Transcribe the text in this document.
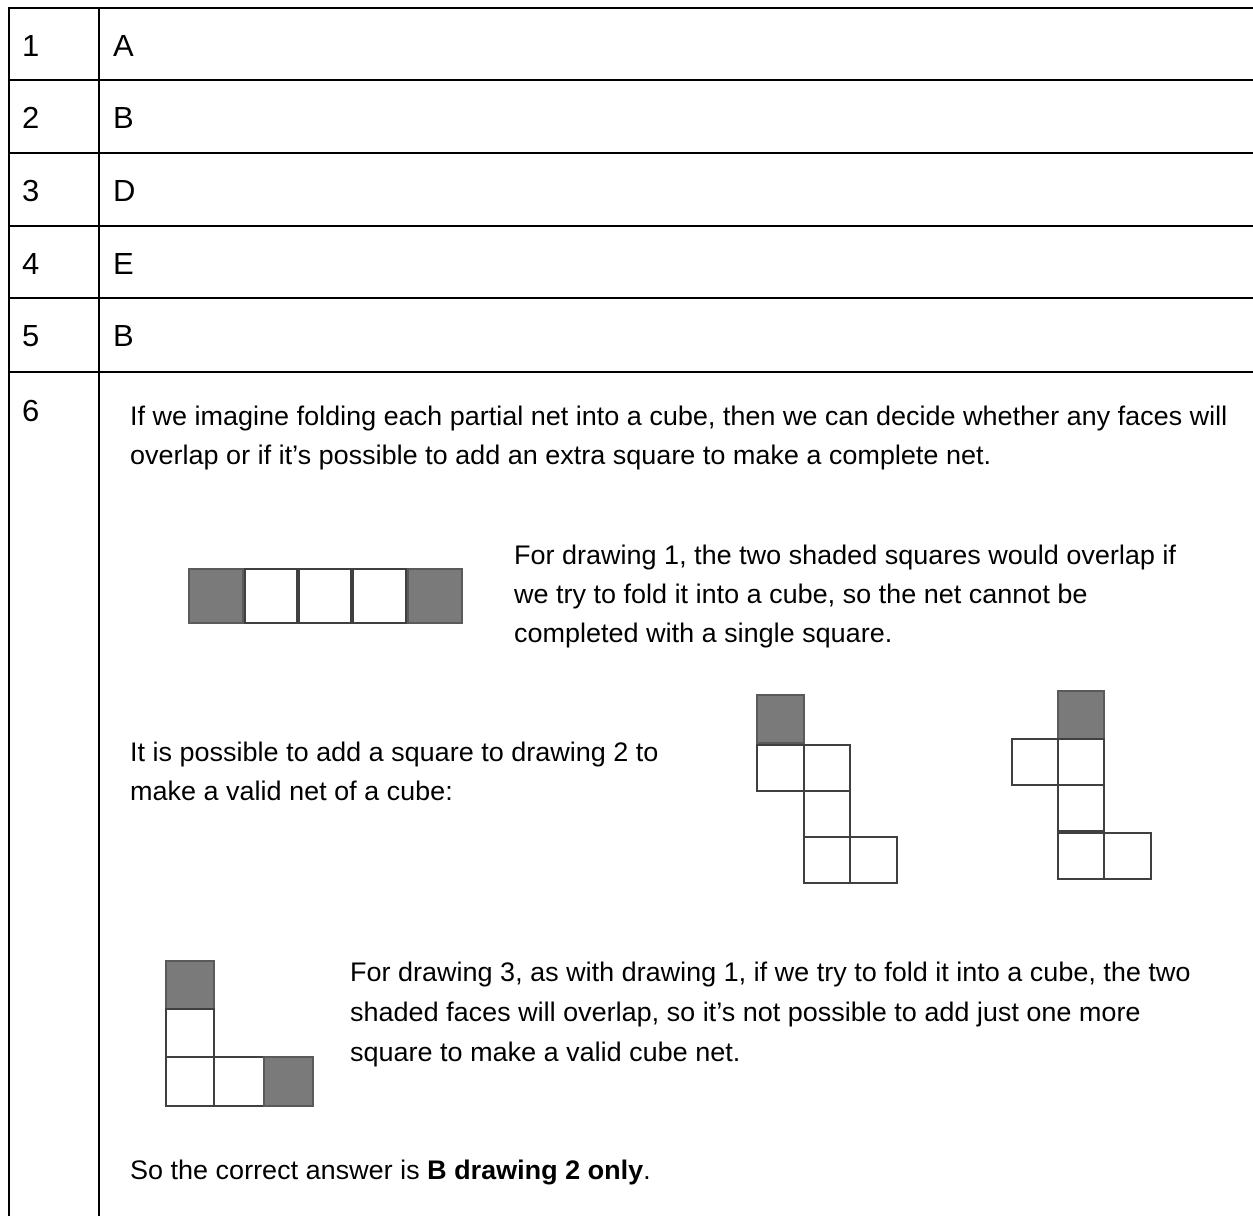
1 A
2 B
3 D
4 E
5 B
6	If we imagine folding each partial net into a cube, then we can decide whether any faces will overlap or if it’s possible to add an extra square to make a complete net.

For drawing 1, the two shaded squares would overlap if we try to fold it into a cube, so the net cannot be completed with a single square.

It is possible to add a square to drawing 2 to make a valid net of a cube:

For drawing 3, as with drawing 1, if we try to fold it into a cube, the two shaded faces will overlap, so it’s not possible to add just one more square to make a valid cube net.

So the correct answer is B drawing 2 only.
